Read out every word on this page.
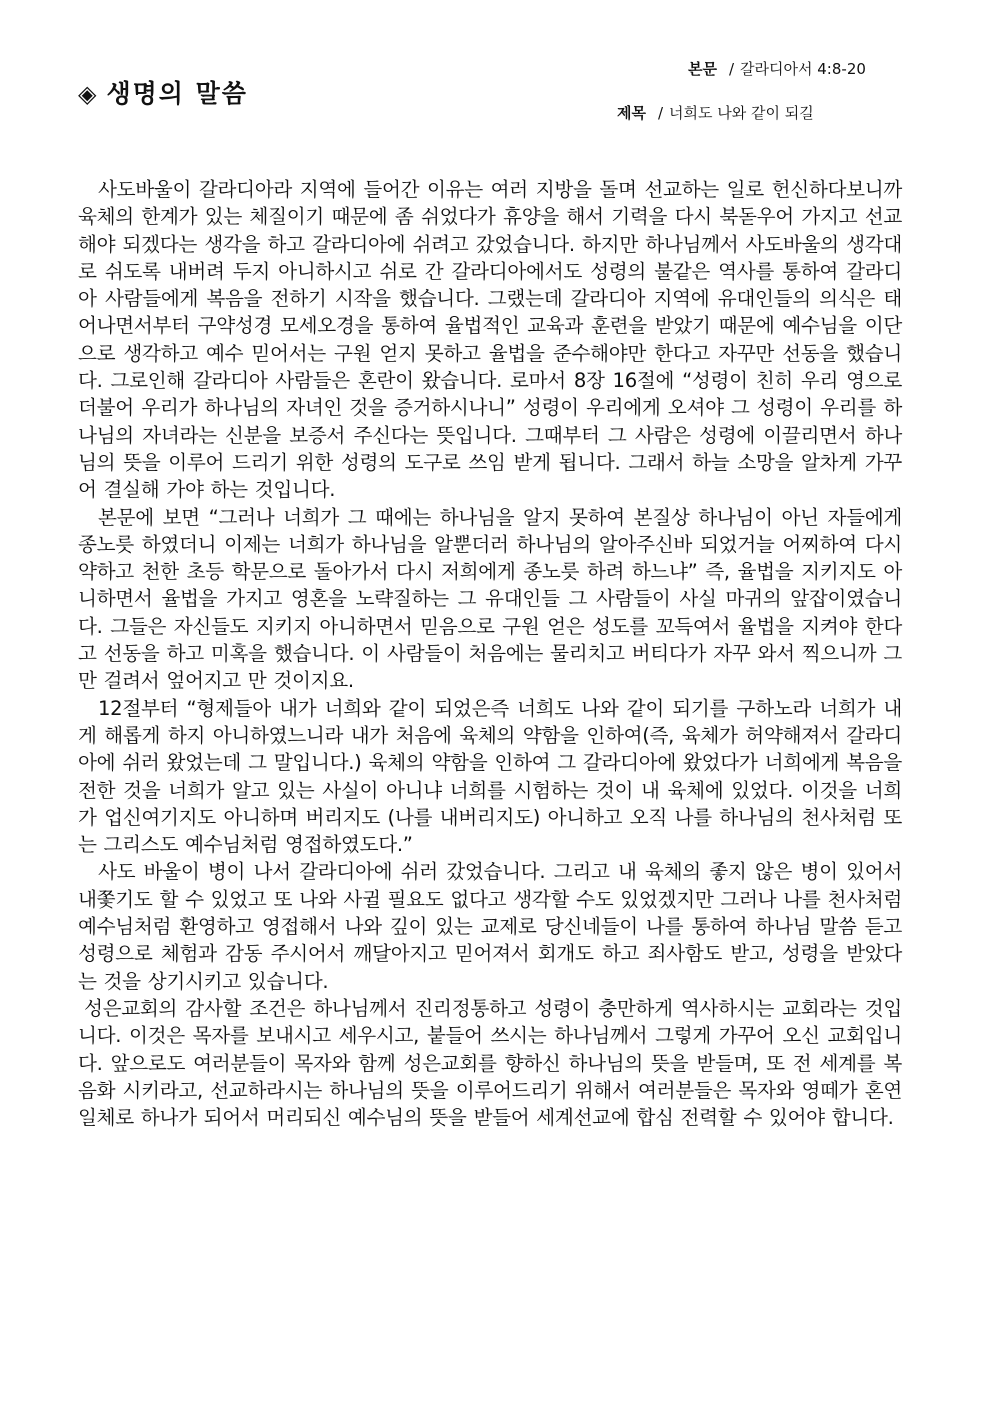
◈ 생명의 말씀
본문 / 갈라디아서 4:8-20
제목 / 너희도 나와 같이 되길

사도바울이 갈라디아라 지역에 들어간 이유는 여러 지방을 돌며 선교하는 일로 헌신하다보니까 육체의 한계가 있는 체질이기 때문에 좀 쉬었다가 휴양을 해서 기력을 다시 북돋우어 가지고 선교해야 되겠다는 생각을 하고 갈라디아에 쉬려고 갔었습니다. 하지만 하나님께서 사도바울의 생각대로 쉬도록 내버려 두지 아니하시고 쉬로 간 갈라디아에서도 성령의 불같은 역사를 통하여 갈라디아 사람들에게 복음을 전하기 시작을 했습니다. 그랬는데 갈라디아 지역에 유대인들의 의식은 태어나면서부터 구약성경 모세오경을 통하여 율법적인 교육과 훈련을 받았기 때문에 예수님을 이단으로 생각하고 예수 믿어서는 구원 얻지 못하고 율법을 준수해야만 한다고 자꾸만 선동을 했습니다. 그로인해 갈라디아 사람들은 혼란이 왔습니다. 로마서 8장 16절에 “성령이 친히 우리 영으로 더불어 우리가 하나님의 자녀인 것을 증거하시나니” 성령이 우리에게 오셔야 그 성령이 우리를 하나님의 자녀라는 신분을 보증서 주신다는 뜻입니다. 그때부터 그 사람은 성령에 이끌리면서 하나님의 뜻을 이루어 드리기 위한 성령의 도구로 쓰임 받게 됩니다. 그래서 하늘 소망을 알차게 가꾸어 결실해 가야 하는 것입니다.

본문에 보면 “그러나 너희가 그 때에는 하나님을 알지 못하여 본질상 하나님이 아닌 자들에게 종노릇 하였더니 이제는 너희가 하나님을 알뿐더러 하나님의 알아주신바 되었거늘 어찌하여 다시 약하고 천한 초등 학문으로 돌아가서 다시 저희에게 종노릇 하려 하느냐” 즉, 율법을 지키지도 아니하면서 율법을 가지고 영혼을 노략질하는 그 유대인들 그 사람들이 사실 마귀의 앞잡이였습니다. 그들은 자신들도 지키지 아니하면서 믿음으로 구원 얻은 성도를 꼬득여서 율법을 지켜야 한다고 선동을 하고 미혹을 했습니다. 이 사람들이 처음에는 물리치고 버티다가 자꾸 와서 찍으니까 그만 걸려서 엎어지고 만 것이지요.

12절부터 “형제들아 내가 너희와 같이 되었은즉 너희도 나와 같이 되기를 구하노라 너희가 내게 해롭게 하지 아니하였느니라 내가 처음에 육체의 약함을 인하여(즉, 육체가 허약해져서 갈라디아에 쉬러 왔었는데 그 말입니다.) 육체의 약함을 인하여 그 갈라디아에 왔었다가 너희에게 복음을 전한 것을 너희가 알고 있는 사실이 아니냐 너희를 시험하는 것이 내 육체에 있었다. 이것을 너희가 업신여기지도 아니하며 버리지도 (나를 내버리지도) 아니하고 오직 나를 하나님의 천사처럼 또는 그리스도 예수님처럼 영접하였도다.”

사도 바울이 병이 나서 갈라디아에 쉬러 갔었습니다. 그리고 내 육체의 좋지 않은 병이 있어서 내쫓기도 할 수 있었고 또 나와 사귈 필요도 없다고 생각할 수도 있었겠지만 그러나 나를 천사처럼 예수님처럼 환영하고 영접해서 나와 깊이 있는 교제로 당신네들이 나를 통하여 하나님 말씀 듣고 성령으로 체험과 감동 주시어서 깨달아지고 믿어져서 회개도 하고 죄사함도 받고, 성령을 받았다는 것을 상기시키고 있습니다.

성은교회의 감사할 조건은 하나님께서 진리정통하고 성령이 충만하게 역사하시는 교회라는 것입니다. 이것은 목자를 보내시고 세우시고, 붙들어 쓰시는 하나님께서 그렇게 가꾸어 오신 교회입니다. 앞으로도 여러분들이 목자와 함께 성은교회를 향하신 하나님의 뜻을 받들며, 또 전 세계를 복음화 시키라고, 선교하라시는 하나님의 뜻을 이루어드리기 위해서 여러분들은 목자와 영떼가 혼연일체로 하나가 되어서 머리되신 예수님의 뜻을 받들어 세계선교에 합심 전력할 수 있어야 합니다.
